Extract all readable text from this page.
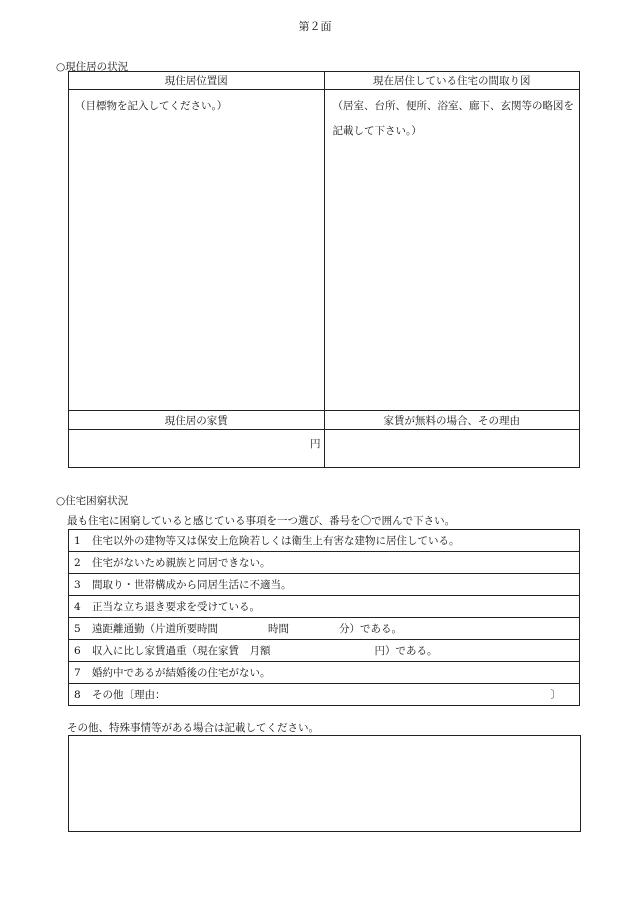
第２面
○現住居の状況
現住居位置図	現在居住している住宅の間取り図

（目標物を記入してください。）	（居室、台所、便所、浴室、廊下、玄関等の略図を記載して下さい。）

現住居の家賃	家賃が無料の場合、その理由
円	
○住宅困窮状況
最も住宅に困窮していると感じている事項を一つ選び、番号を〇で囲んで下さい。
1 住宅以外の建物等又は保安上危険若しくは衛生上有害な建物に居住している。
2 住宅がないため親族と同居できない。
3 間取り・世帯構成から同居生活に不適当。
4 正当な立ち退き要求を受けている。
5 遠距離通勤（片道所要時間	時間	分）である。
6 収入に比し家賃過重（現在家賃　月額	円）である。
7 婚約中であるが結婚後の住宅がない。
8 その他〔理由：	〕
その他、特殊事情等がある場合は記載してください。
